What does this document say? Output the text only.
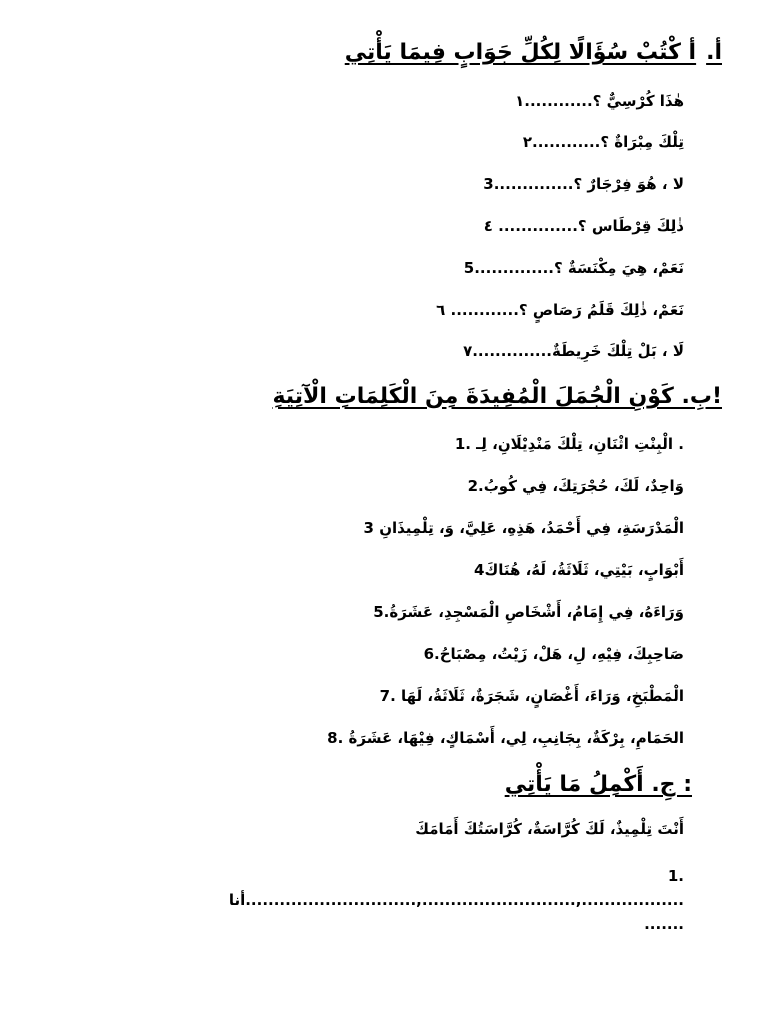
أ.أ كْتُبْ سُؤَالًا لِكُلِّ جَوَابٍ فِيمَا يَأْتِي

هٰذَا كُرْسِيٌّ ؟............١

تِلْكَ مِبْرَاةٌ ؟............٢

لا ، هُوَ فِرْجَارٌ ؟..............3

ذٰلِكَ قِرْطَاس ؟.............. ٤

نَعَمْ، هِيَ مِكْنَسَةٌ ؟..............5

نَعَمْ، ذٰلِكَ قَلَمُ رَصَاصٍ ؟............ ٦

لَا ، بَلْ تِلْكَ خَرِيطَةٌ..............٧

!بِ. كَوْنِ الْجُمَلَ الْمُفِيدَةَ مِنَ الْكَلِمَاتِ الْآتِيَةِ

. الْبِنْتِ اثْنَانِ، تِلْكَ مَنْدِيْلَانِ، لِـ .1

وَاحِدٌ، لَكَ، حُجْرَتِكَ، فِي كُوبُ.2

الْمَدْرَسَةِ، فِي أَحْمَدُ، هَذِهِ، عَلِيَّ، وَ، تِلْمِيذَانِ 3

أَبْوَابٍ، بَيْتِي، ثَلَاثَةُ، لَهُ، هُنَاكَ4

وَرَاءَهُ، فِي إِمَامُ، أَشْخَاصِ الْمَسْجِدِ، عَشَرَةُ.5

صَاحِبِكَ، فِيْهِ، لِ، هَلْ، زَيْتُ، مِصْبَاحُ.6

الْمَطْبَخِ، وَرَاءَ، أَغْصَانٍ، شَجَرَةٌ، ثَلَاثَةُ، لَهَا .7

الحَمَامِ، بِرْكَةٌ، بِجَانِبِ، لِي، أَسْمَاكٍ، فِيْهَا، عَشَرَةُ .8

: جِ. أَكْمِلُ مَا يَأْتِي

أَنْتَ تِلْمِيذٌ، لَكَ كُرَّاسَةٌ، كُرَّاسَتُكَ أَمَامَكَ

1.
أنا..............................,...........................,..................
.......
